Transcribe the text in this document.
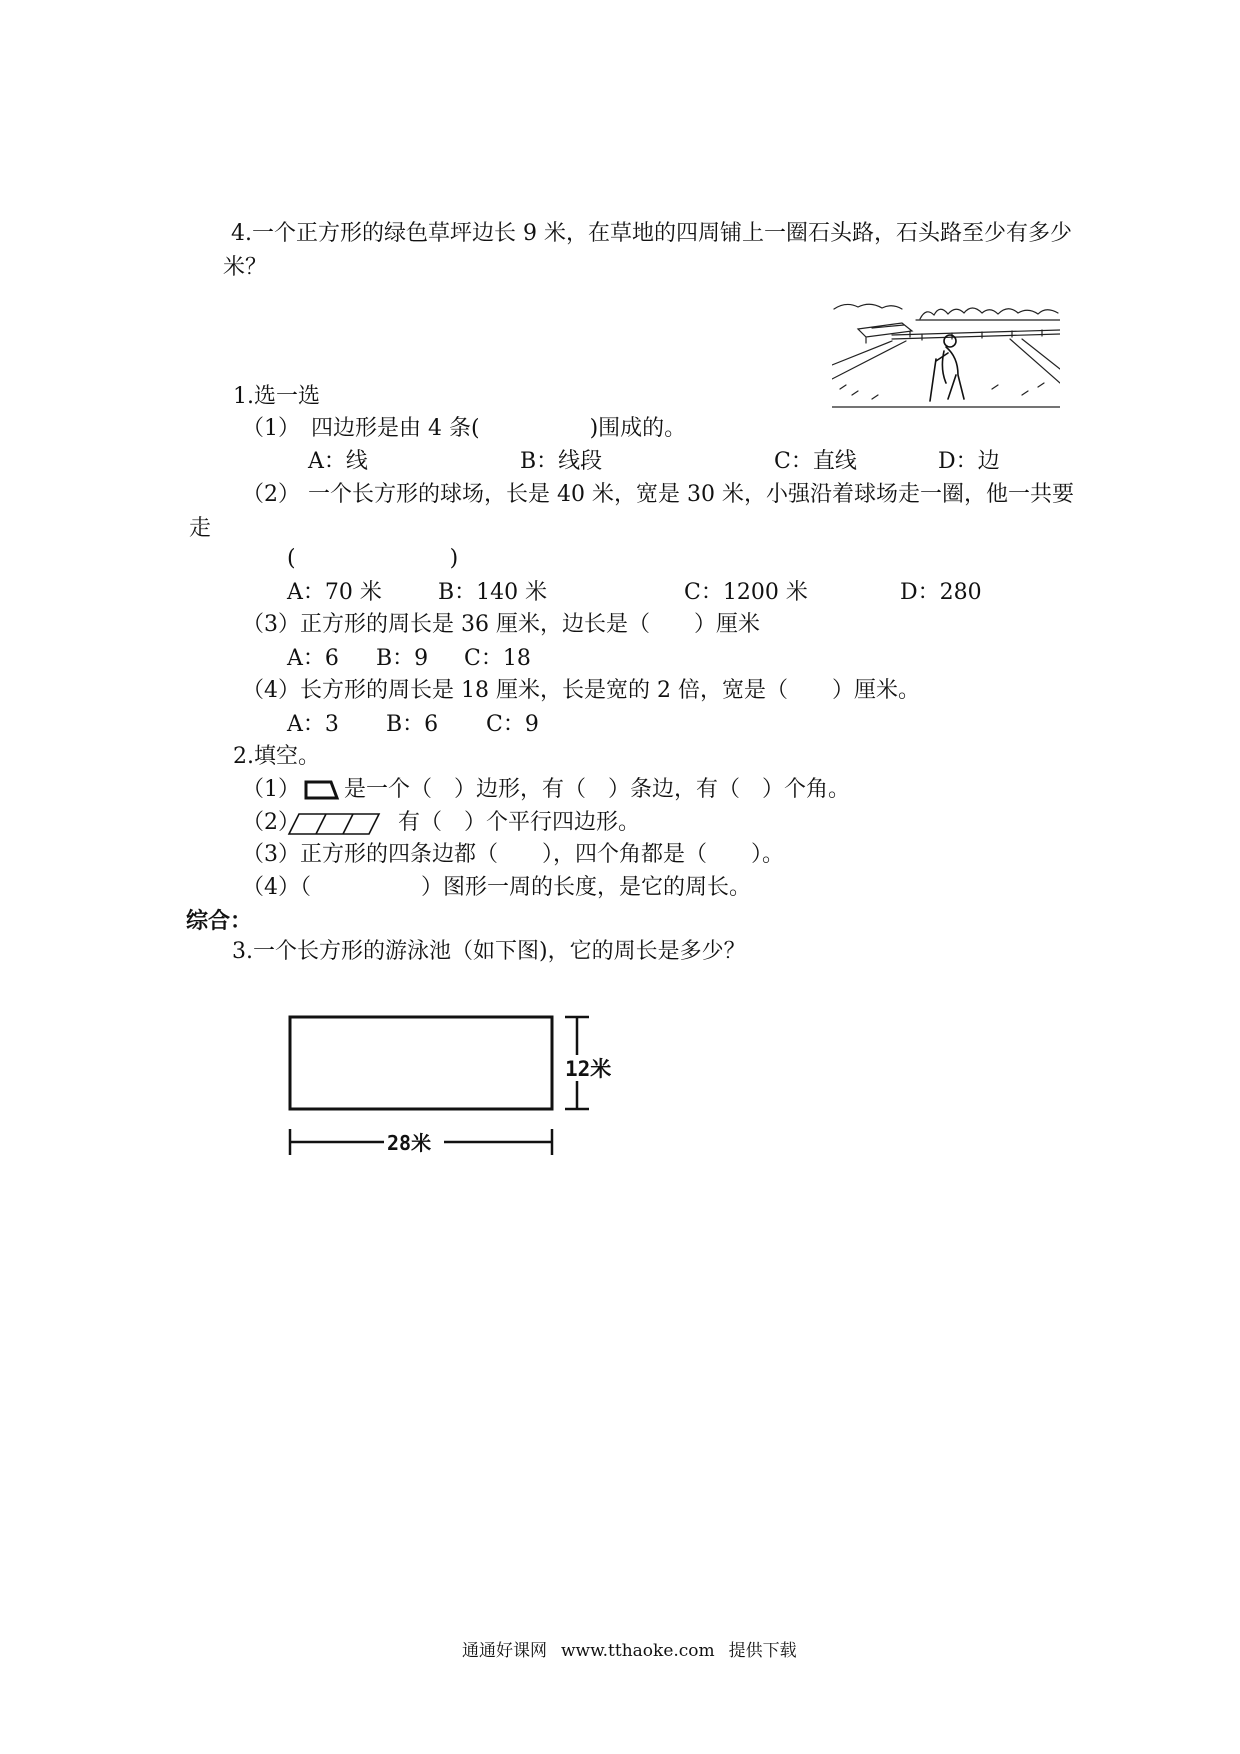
4.一个正方形的绿色草坪边长 9 米，在草地的四周铺上一圈石头路，石头路至少有多少
米？
1.选一选
（1） 四边形是由 4 条(　　　　　)围成的。
A：线	B：线段	C：直线	D：边
（2） 一个长方形的球场，长是 40 米，宽是 30 米，小强沿着球场走一圈，他一共要
走
(　　　　　　　)
A：70 米	B：140 米	C：1200 米	D：280
（3）正方形的周长是 36 厘米，边长是（　　）厘米
A：6 B：9 C：18
（4）长方形的周长是 18 厘米，长是宽的 2 倍，宽是（　　）厘米。
A：3 B：6 C：9
2.填空。
（1） 是一个（　）边形，有（　）条边，有（　）个角。
（2）	有（　）个平行四边形。
（3）正方形的四条边都（　　），四个角都是（　　）。
（4）（　　　　　）图形一周的长度，是它的周长。
综合：
3.一个长方形的游泳池（如下图)，它的周长是多少？
12米
28米
通通好课网 www.tthaoke.com 提供下载
